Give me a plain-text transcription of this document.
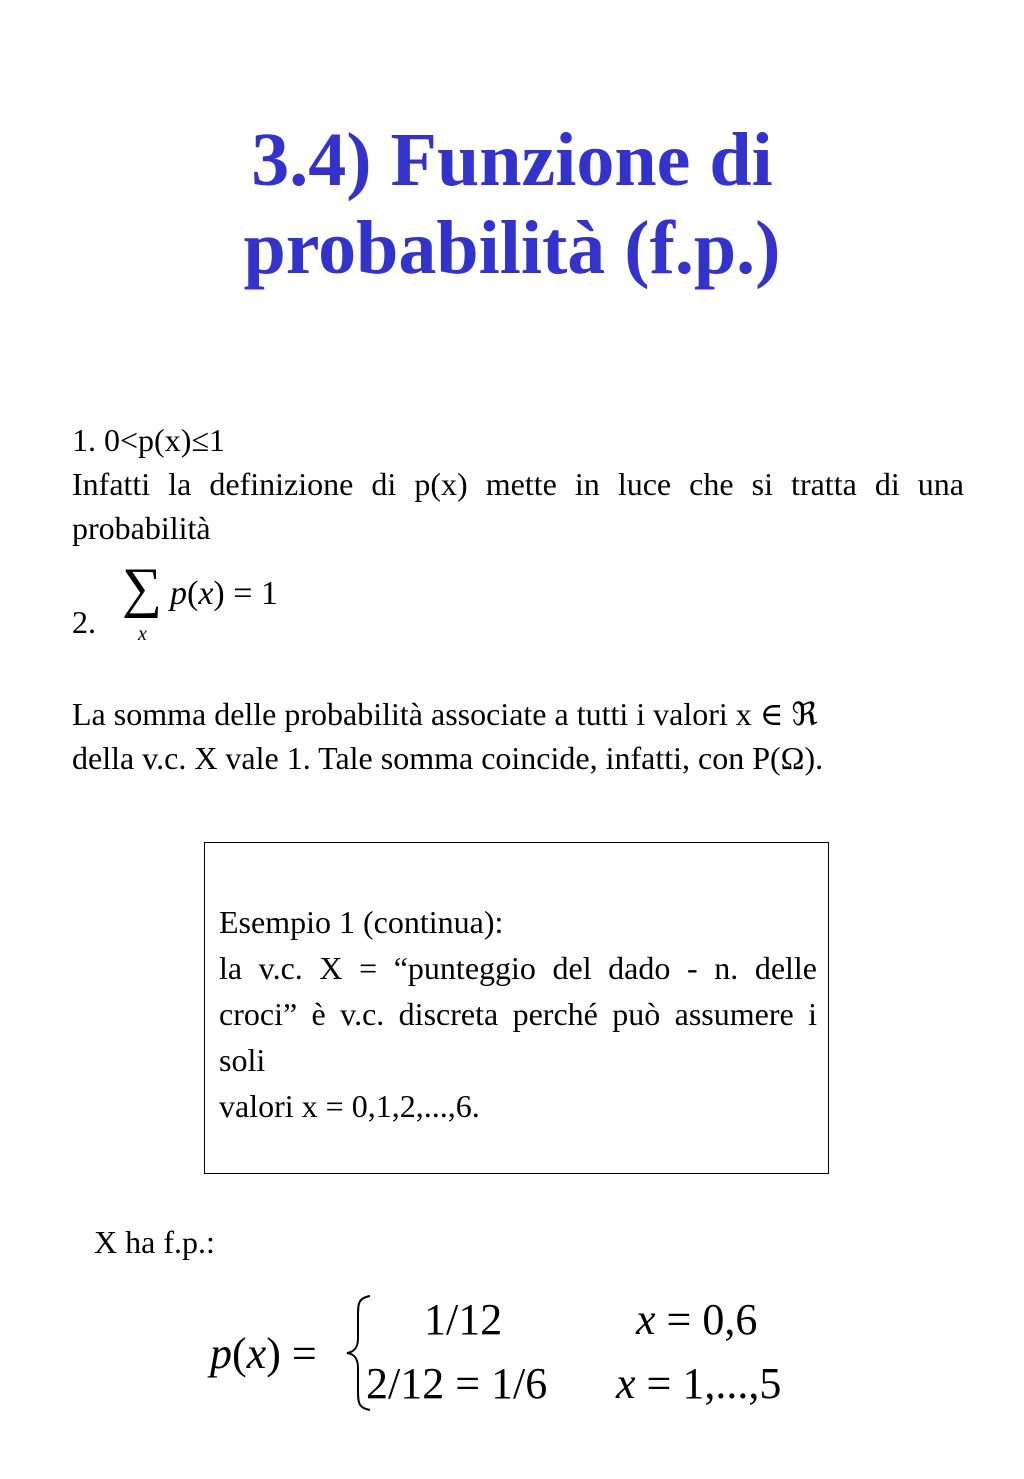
3.4) Funzione di
probabilità (f.p.)
1. 0<p(x)≤1
Infatti la definizione di p(x) mette in luce che si tratta di una probabilità
2.
∑
x
p(x) = 1
La somma delle probabilità associate a tutti i valori x ∈ ℜ
della v.c. X vale 1. Tale somma coincide, infatti, con P(Ω).
Esempio 1 (continua):
la v.c. X = “punteggio del dado - n. delle croci” è v.c. discreta perché può assumere i soli
valori x = 0,1,2,...,6.
X ha f.p.:
p(x) =
1/12	x = 0,6
2/12 = 1/6 x = 1,...,5
